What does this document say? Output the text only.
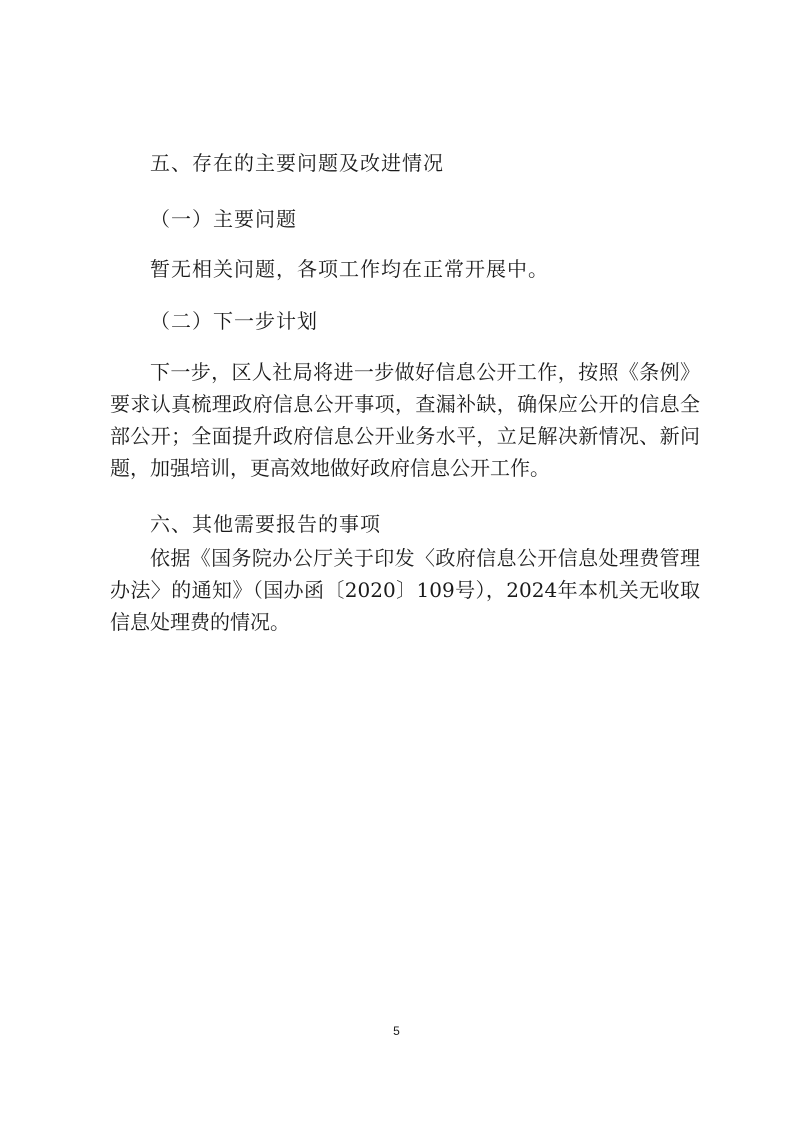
五、存在的主要问题及改进情况
（一）主要问题
暂无相关问题，各项工作均在正常开展中。
（二）下一步计划

下一步，区人社局将进一步做好信息公开工作，按照《条例》要求认真梳理政府信息公开事项，查漏补缺，确保应公开的信息全部公开；全面提升政府信息公开业务水平，立足解决新情况、新问题，加强培训，更高效地做好政府信息公开工作。

六、其他需要报告的事项

依据《国务院办公厅关于印发〈政府信息公开信息处理费管理办法〉的通知》（国办函〔2020〕109号），2024年本机关无收取信息处理费的情况。

5
